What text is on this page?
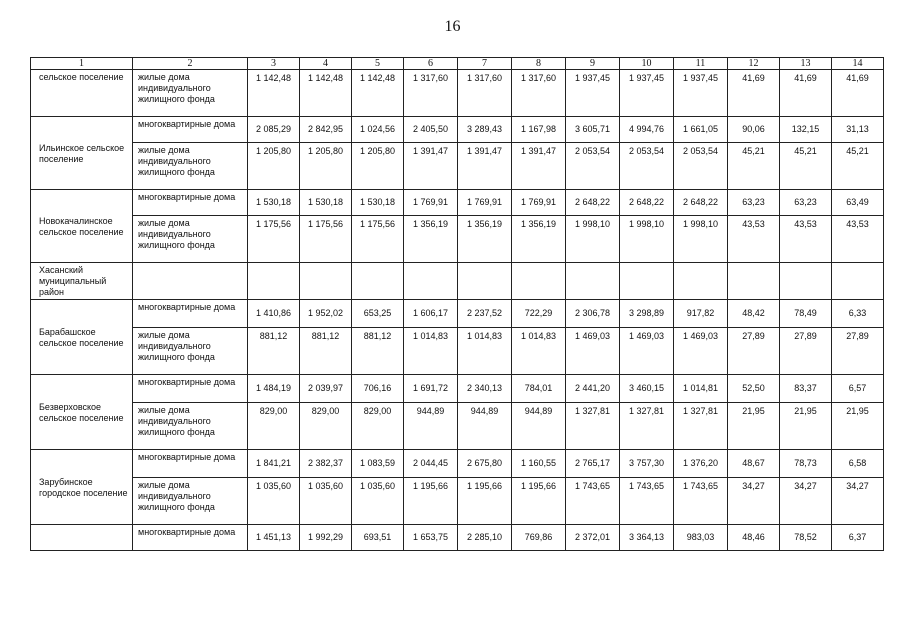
16
1	2	3	4	5	6	7	8	9	10	11	12	13	14
сельское поселение	жилые дома индивидуального жилищного фонда	1 142,48	1 142,48	1 142,48	1 317,60	1 317,60	1 317,60	1 937,45	1 937,45	1 937,45	41,69	41,69	41,69
Ильинское сельское поселение	многоквартирные дома	2 085,29	2 842,95	1 024,56	2 405,50	3 289,43	1 167,98	3 605,71	4 994,76	1 661,05	90,06	132,15	31,13
	жилые дома индивидуального жилищного фонда	1 205,80	1 205,80	1 205,80	1 391,47	1 391,47	1 391,47	2 053,54	2 053,54	2 053,54	45,21	45,21	45,21
Новокачалинское сельское поселение	многоквартирные дома	1 530,18	1 530,18	1 530,18	1 769,91	1 769,91	1 769,91	2 648,22	2 648,22	2 648,22	63,23	63,23	63,49
	жилые дома индивидуального жилищного фонда	1 175,56	1 175,56	1 175,56	1 356,19	1 356,19	1 356,19	1 998,10	1 998,10	1 998,10	43,53	43,53	43,53
Хасанский муниципальный район													
Барабашское сельское поселение	многоквартирные дома	1 410,86	1 952,02	653,25	1 606,17	2 237,52	722,29	2 306,78	3 298,89	917,82	48,42	78,49	6,33
	жилые дома индивидуального жилищного фонда	881,12	881,12	881,12	1 014,83	1 014,83	1 014,83	1 469,03	1 469,03	1 469,03	27,89	27,89	27,89
Безверховское сельское поселение	многоквартирные дома	1 484,19	2 039,97	706,16	1 691,72	2 340,13	784,01	2 441,20	3 460,15	1 014,81	52,50	83,37	6,57
	жилые дома индивидуального жилищного фонда	829,00	829,00	829,00	944,89	944,89	944,89	1 327,81	1 327,81	1 327,81	21,95	21,95	21,95
Зарубинское городское поселение	многоквартирные дома	1 841,21	2 382,37	1 083,59	2 044,45	2 675,80	1 160,55	2 765,17	3 757,30	1 376,20	48,67	78,73	6,58
	жилые дома индивидуального жилищного фонда	1 035,60	1 035,60	1 035,60	1 195,66	1 195,66	1 195,66	1 743,65	1 743,65	1 743,65	34,27	34,27	34,27
	многоквартирные дома	1 451,13	1 992,29	693,51	1 653,75	2 285,10	769,86	2 372,01	3 364,13	983,03	48,46	78,52	6,37
